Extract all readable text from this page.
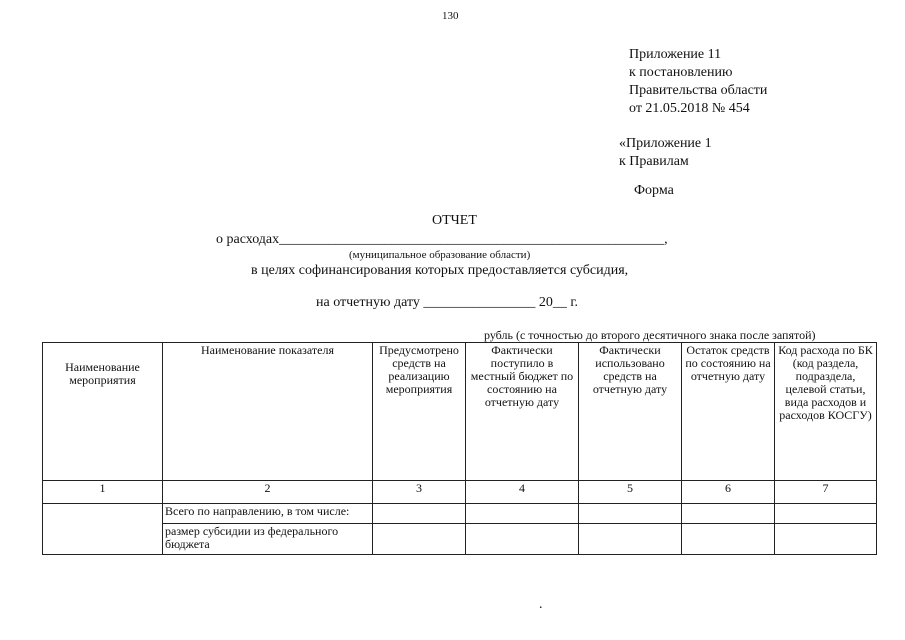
130
Приложение 11
к постановлению
Правительства области
от 21.05.2018 № 454
«Приложение 1
к Правилам
Форма
ОТЧЕТ
о расходах_______________________________________________________,
(муниципальное образование области)
в целях софинансирования которых предоставляется субсидия,
на отчетную дату ________________ 20__ г.
рубль (с точностью до второго десятичного знака после запятой)
Наименование мероприятия	Наименование показателя	Предусмотрено средств на реализацию мероприятия	Фактически поступило в местный бюджет по состоянию на отчетную дату	Фактически использовано средств на отчетную дату	Остаток средств по состоянию на отчетную дату	Код расхода по БК (код раздела, подраздела, целевой статьи, вида расходов и расходов КОСГУ)
1	2	3	4	5	6	7
	Всего по направлению, в том числе:					
	размер субсидии из федерального бюджета					
.
